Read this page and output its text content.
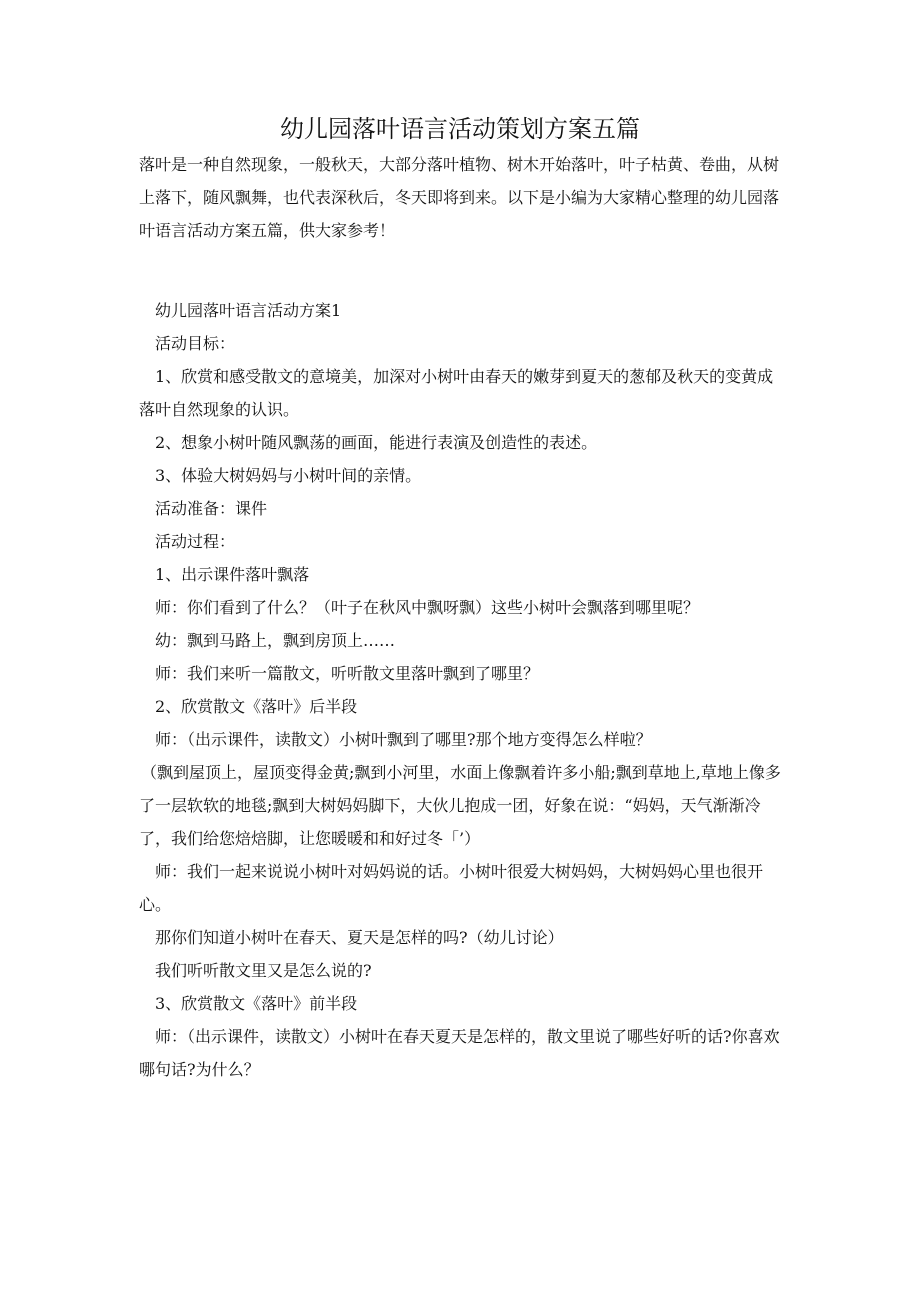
幼儿园落叶语言活动策划方案五篇

落叶是一种自然现象，一般秋天，大部分落叶植物、树木开始落叶，叶子枯黄、卷曲，从树上落下，随风飘舞，也代表深秋后，冬天即将到来。以下是小编为大家精心整理的幼儿园落叶语言活动方案五篇，供大家参考！

幼儿园落叶语言活动方案1

活动目标：

1、欣赏和感受散文的意境美，加深对小树叶由春天的嫩芽到夏天的葱郁及秋天的变黄成落叶自然现象的认识。

2、想象小树叶随风飘荡的画面，能进行表演及创造性的表述。

3、体验大树妈妈与小树叶间的亲情。

活动准备：课件

活动过程：

1、出示课件落叶飘落

师：你们看到了什么？（叶子在秋风中飘呀飘）这些小树叶会飘落到哪里呢？

幼：飘到马路上，飘到房顶上……

师：我们来听一篇散文，听听散文里落叶飘到了哪里？

2、欣赏散文《落叶》后半段

师：（出示课件，读散文）小树叶飘到了哪里?那个地方变得怎么样啦？

（飘到屋顶上，屋顶变得金黄;飘到小河里，水面上像飘着许多小船;飘到草地上,草地上像多了一层软软的地毯;飘到大树妈妈脚下，大伙儿抱成一团，好象在说：“妈妈，天气渐渐冷了，我们给您焙焙脚，让您暖暖和和好过冬「’）

师：我们一起来说说小树叶对妈妈说的话。小树叶很爱大树妈妈，大树妈妈心里也很开心。

那你们知道小树叶在春天、夏天是怎样的吗?（幼儿讨论）

我们听听散文里又是怎么说的?

3、欣赏散文《落叶》前半段

师：（出示课件，读散文）小树叶在春天夏天是怎样的，散文里说了哪些好听的话?你喜欢哪句话?为什么？
